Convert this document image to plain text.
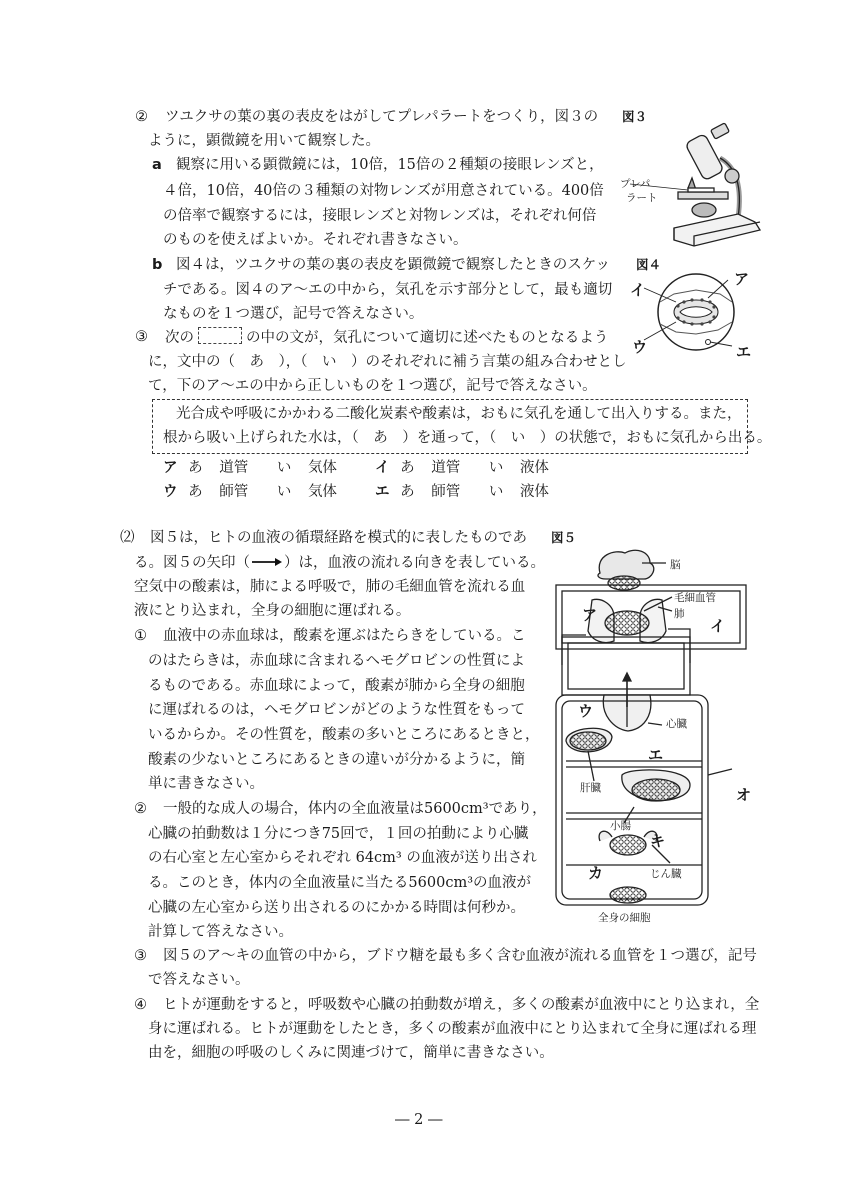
② ツユクサの葉の裏の表皮をはがしてプレパラートをつくり，図３の
ように，顕微鏡を用いて観察した。
a 観察に用いる顕微鏡には，10倍，15倍の２種類の接眼レンズと，
４倍，10倍，40倍の３種類の対物レンズが用意されている。400倍
の倍率で観察するには，接眼レンズと対物レンズは，それぞれ何倍
のものを使えばよいか。それぞれ書きなさい。
b 図４は，ツユクサの葉の裏の表皮を顕微鏡で観察したときのスケッ
チである。図４のア～エの中から，気孔を示す部分として，最も適切
なものを１つ選び，記号で答えなさい。
図３
プレパ
ラート
図４
イ
ア
ウ	エ
③ 次の	の中の文が，気孔について適切に述べたものとなるよう
に，文中の（　あ　），（　い　）のそれぞれに補う言葉の組み合わせとし
て，下のア～エの中から正しいものを１つ選び，記号で答えなさい。
光合成や呼吸にかかわる二酸化炭素や酸素は，おもに気孔を通して出入りする。また，
根から吸い上げられた水は，（　あ　）を通って，（　い　）の状態で，おもに気孔から出る。
ア あ 道管 い 気体	イ あ 道管 い 液体
ウ あ 師管 い 気体	エ あ 師管 い 液体
⑵ 図５は，ヒトの血液の循環経路を模式的に表したものであ
る。図５の矢印（ ）は，血液の流れる向きを表している。
空気中の酸素は，肺による呼吸で，肺の毛細血管を流れる血
液にとり込まれ，全身の細胞に運ばれる。
① 血液中の赤血球は，酸素を運ぶはたらきをしている。こ
のはたらきは，赤血球に含まれるヘモグロビンの性質によ
るものである。赤血球によって，酸素が肺から全身の細胞
に運ばれるのは，ヘモグロビンがどのような性質をもって
いるからか。その性質を，酸素の多いところにあるときと，
酸素の少ないところにあるときの違いが分かるように，簡
単に書きなさい。
② 一般的な成人の場合，体内の全血液量は5600cm³であり，
心臓の拍動数は１分につき75回で，１回の拍動により心臓
の右心室と左心室からそれぞれ 64cm³ の血液が送り出され
る。このとき，体内の全血液量に当たる5600cm³の血液が
心臓の左心室から送り出されるのにかかる時間は何秒か。
計算して答えなさい。
③ 図５のア～キの血管の中から，ブドウ糖を最も多く含む血液が流れる血管を１つ選び，記号
で答えなさい。
④ ヒトが運動をすると，呼吸数や心臓の拍動数が増え，多くの酸素が血液中にとり込まれ，全
身に運ばれる。ヒトが運動をしたとき，多くの酸素が血液中にとり込まれて全身に運ばれる理
由を，細胞の呼吸のしくみに関連づけて，簡単に書きなさい。
図５
脳
毛細血管
肺
心臓
肝臓
小腸
じん臓
全身の細胞
ア
イ
ウ
エ
オ
カ
キ
― 2 ―
